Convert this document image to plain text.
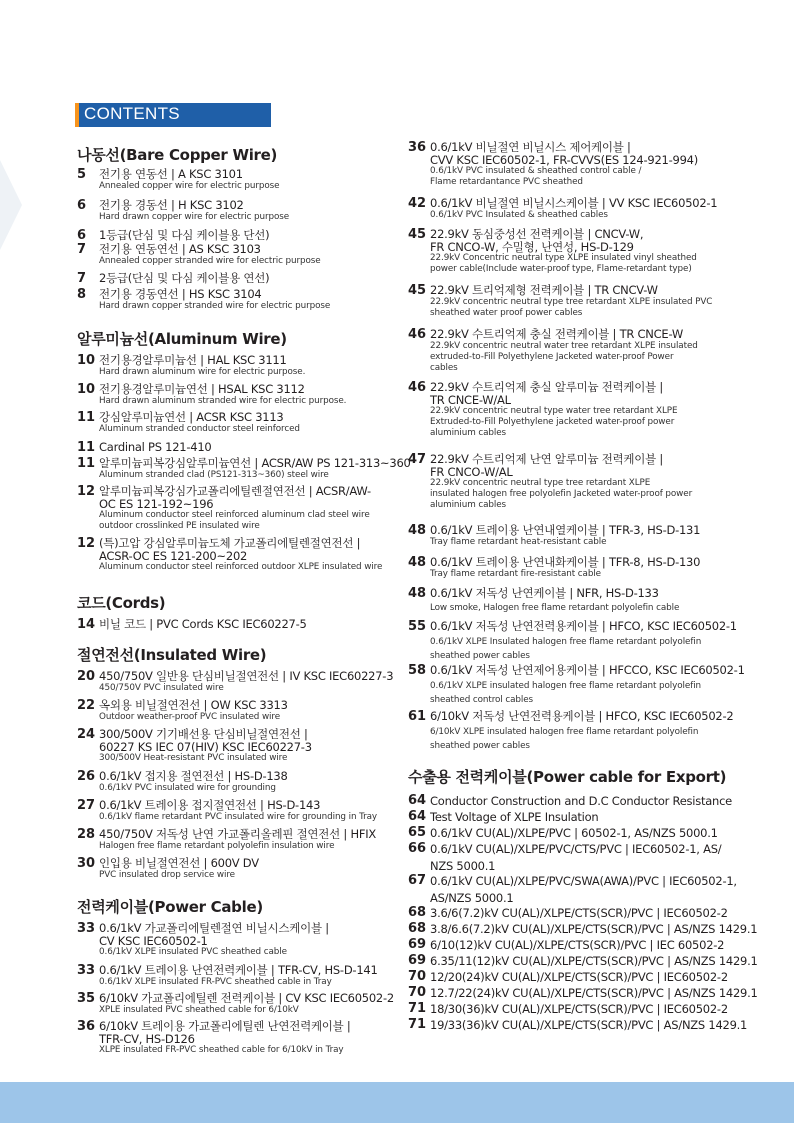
CONTENTS
나동선(Bare Copper Wire)
5	전기용 연동선 | A KSC 3101
Annealed copper wire for electric purpose
6	전기용 경동선 | H KSC 3102
Hard drawn copper wire for electric purpose
6	1등급(단심 및 다심 케이블용 단선)
7	전기용 연동연선 | AS KSC 3103
Annealed copper stranded wire for electric purpose
7	2등급(단심 및 다심 케이블용 연선)
8	전기용 경동연선 | HS KSC 3104
Hard drawn copper stranded wire for electric purpose
알루미늄선(Aluminum Wire)
10 전기용경알루미늄선 | HAL KSC 3111
Hard drawn aluminum wire for electric purpose.
10 전기용경알루미늄연선 | HSAL KSC 3112
Hard drawn aluminum stranded wire for electric purpose.
11 강심알루미늄연선 | ACSR KSC 3113
Aluminum stranded conductor steel reinforced
11 Cardinal PS 121-410
11 알루미늄피복강심알루미늄연선 | ACSR/AW PS 121-313~360
Aluminum stranded clad (PS121-313~360) steel wire
12 알루미늄피복강심가교폴리에틸렌절연전선 | ACSR/AW-
OC ES 121-192~196
Aluminum conductor steel reinforced aluminum clad steel wire
outdoor crosslinked PE insulated wire
12 (특)고압 강심알루미늄도체 가교폴리에틸렌절연전선 |
ACSR-OC ES 121-200~202
Aluminum conductor steel reinforced outdoor XLPE insulated wire
코드(Cords)
14 비닐 코드 | PVC Cords KSC IEC60227-5
절연전선(Insulated Wire)
20 450/750V 일반용 단심비닐절연전선 | IV KSC IEC60227-3
450/750V PVC insulated wire
22 옥외용 비닐절연전선 | OW KSC 3313
Outdoor weather-proof PVC insulated wire
24 300/500V 기기배선용 단심비닐절연전선 |
60227 KS IEC 07(HIV) KSC IEC60227-3
300/500V Heat-resistant PVC insulated wire
26 0.6/1kV 접지용 절연전선 | HS-D-138
0.6/1kV PVC insulated wire for grounding
27 0.6/1kV 트레이용 접지절연전선 | HS-D-143
0.6/1kV flame retardant PVC insulated wire for grounding in Tray
28 450/750V 저독성 난연 가교폴리올레핀 절연전선 | HFIX
Halogen free flame retardant polyolefin insulation wire
30 인입용 비닐절연전선 | 600V DV
PVC insulated drop service wire
전력케이블(Power Cable)
33 0.6/1kV 가교폴리에틸렌절연 비닐시스케이블 |
CV KSC IEC60502-1
0.6/1kV XLPE insulated PVC sheathed cable
33 0.6/1kV 트레이용 난연전력케이블 | TFR-CV, HS-D-141
0.6/1kV XLPE insulated FR-PVC sheathed cable in Tray
35 6/10kV 가교폴리에틸렌 전력케이블 | CV KSC IEC60502-2
XPLE insulated PVC sheathed cable for 6/10kV
36 6/10kV 트레이용 가교폴리에틸렌 난연전력케이블 |
TFR-CV, HS-D126
XLPE insulated FR-PVC sheathed cable for 6/10kV in Tray
36 0.6/1kV 비닐절연 비닐시스 제어케이블 |
CVV KSC IEC60502-1, FR-CVVS(ES 124-921-994)
0.6/1kV PVC insulated & sheathed control cable /
Flame retardantance PVC sheathed
42 0.6/1kV 비닐절연 비닐시스케이블 | VV KSC IEC60502-1
0.6/1kV PVC Insulated & sheathed cables
45 22.9kV 동심중성선 전력케이블 | CNCV-W,
FR CNCO-W, 수밀형, 난연성, HS-D-129
22.9kV Concentric neutral type XLPE insulated vinyl sheathed
power cable(Include water-proof type, Flame-retardant type)
45 22.9kV 트리억제형 전력케이블 | TR CNCV-W
22.9kV concentric neutral type tree retardant XLPE insulated PVC
sheathed water proof power cables
46 22.9kV 수트리억제 충실 전력케이블 | TR CNCE-W
22.9kV concentric neutral water tree retardant XLPE insulated
extruded-to-Fill Polyethylene Jacketed water-proof Power
cables
46 22.9kV 수트리억제 충실 알루미늄 전력케이블 |
TR CNCE-W/AL
22.9kV concentric neutral type water tree retardant XLPE
Extruded-to-Fill Polyethylene jacketed water-proof power
aluminium cables
47 22.9kV 수트리억제 난연 알루미늄 전력케이블 |
FR CNCO-W/AL
22.9kV concentric neutral type tree retardant XLPE
insulated halogen free polyolefin Jacketed water-proof power
aluminium cables
48 0.6/1kV 트레이용 난연내열케이블 | TFR-3, HS-D-131
Tray flame retardant heat-resistant cable
48 0.6/1kV 트레이용 난연내화케이블 | TFR-8, HS-D-130
Tray flame retardant fire-resistant cable
48 0.6/1kV 저독성 난연케이블 | NFR, HS-D-133
Low smoke, Halogen free flame retardant polyolefin cable
55 0.6/1kV 저독성 난연전력용케이블 | HFCO, KSC IEC60502-1
0.6/1kV XLPE Insulated halogen free flame retardant polyolefin
sheathed power cables
58 0.6/1kV 저독성 난연제어용케이블 | HFCCO, KSC IEC60502-1
0.6/1kV XLPE insulated halogen free flame retardant polyolefin
sheathed control cables
61 6/10kV 저독성 난연전력용케이블 | HFCO, KSC IEC60502-2
6/10kV XLPE insulated halogen free flame retardant polyolefin
sheathed power cables
수출용 전력케이블(Power cable for Export)
64 Conductor Construction and D.C Conductor Resistance
64 Test Voltage of XLPE Insulation
65 0.6/1kV CU(AL)/XLPE/PVC | 60502-1, AS/NZS 5000.1
66 0.6/1kV CU(AL)/XLPE/PVC/CTS/PVC | IEC60502-1, AS/
NZS 5000.1
67 0.6/1kV CU(AL)/XLPE/PVC/SWA(AWA)/PVC | IEC60502-1,
AS/NZS 5000.1
68 3.6/6(7.2)kV CU(AL)/XLPE/CTS(SCR)/PVC | IEC60502-2
68 3.8/6.6(7.2)kV CU(AL)/XLPE/CTS(SCR)/PVC | AS/NZS 1429.1
69 6/10(12)kV CU(AL)/XLPE/CTS(SCR)/PVC | IEC 60502-2
69 6.35/11(12)kV CU(AL)/XLPE/CTS(SCR)/PVC | AS/NZS 1429.1
70 12/20(24)kV CU(AL)/XLPE/CTS(SCR)/PVC | IEC60502-2
70 12.7/22(24)kV CU(AL)/XLPE/CTS(SCR)/PVC | AS/NZS 1429.1
71 18/30(36)kV CU(AL)/XLPE/CTS(SCR)/PVC | IEC60502-2
71 19/33(36)kV CU(AL)/XLPE/CTS(SCR)/PVC | AS/NZS 1429.1
